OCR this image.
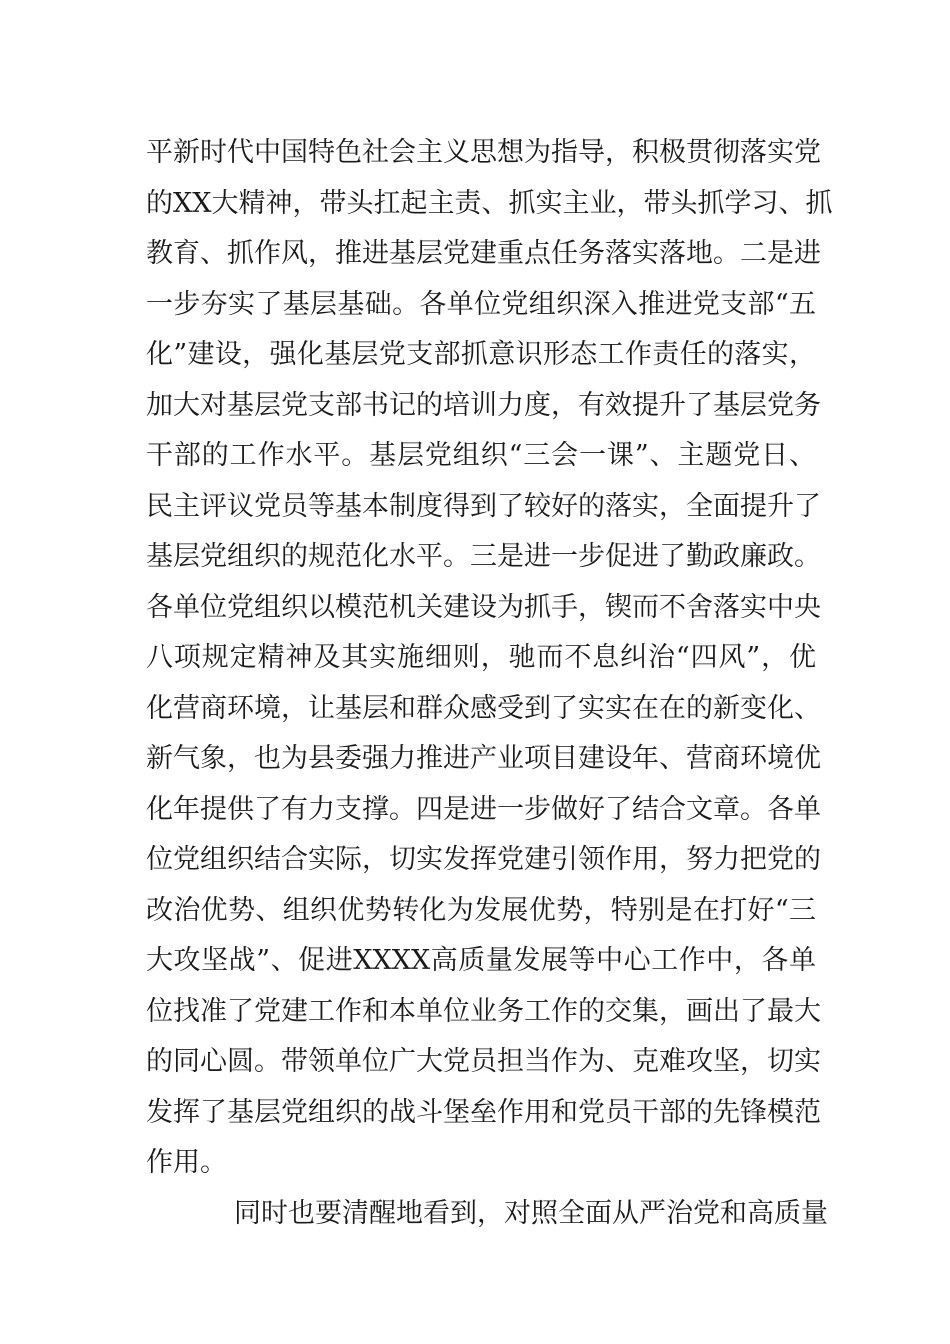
平新时代中国特色社会主义思想为指导，积极贯彻落实党
的XX大精神，带头扛起主责、抓实主业，带头抓学习、抓
教育、抓作风，推进基层党建重点任务落实落地。二是进
一步夯实了基层基础。各单位党组织深入推进党支部“五
化”建设，强化基层党支部抓意识形态工作责任的落实，
加大对基层党支部书记的培训力度，有效提升了基层党务
干部的工作水平。基层党组织“三会一课”、主题党日、
民主评议党员等基本制度得到了较好的落实，全面提升了
基层党组织的规范化水平。三是进一步促进了勤政廉政。
各单位党组织以模范机关建设为抓手，锲而不舍落实中央
八项规定精神及其实施细则，驰而不息纠治“四风”，优
化营商环境，让基层和群众感受到了实实在在的新变化、
新气象，也为县委强力推进产业项目建设年、营商环境优
化年提供了有力支撑。四是进一步做好了结合文章。各单
位党组织结合实际，切实发挥党建引领作用，努力把党的
改治优势、组织优势转化为发展优势，特别是在打好“三
大攻坚战”、促进XXXX高质量发展等中心工作中，各单
位找准了党建工作和本单位业务工作的交集，画出了最大
的同心圆。带领单位广大党员担当作为、克难攻坚，切实
发挥了基层党组织的战斗堡垒作用和党员干部的先锋模范
作用。
同时也要清醒地看到，对照全面从严治党和高质量
